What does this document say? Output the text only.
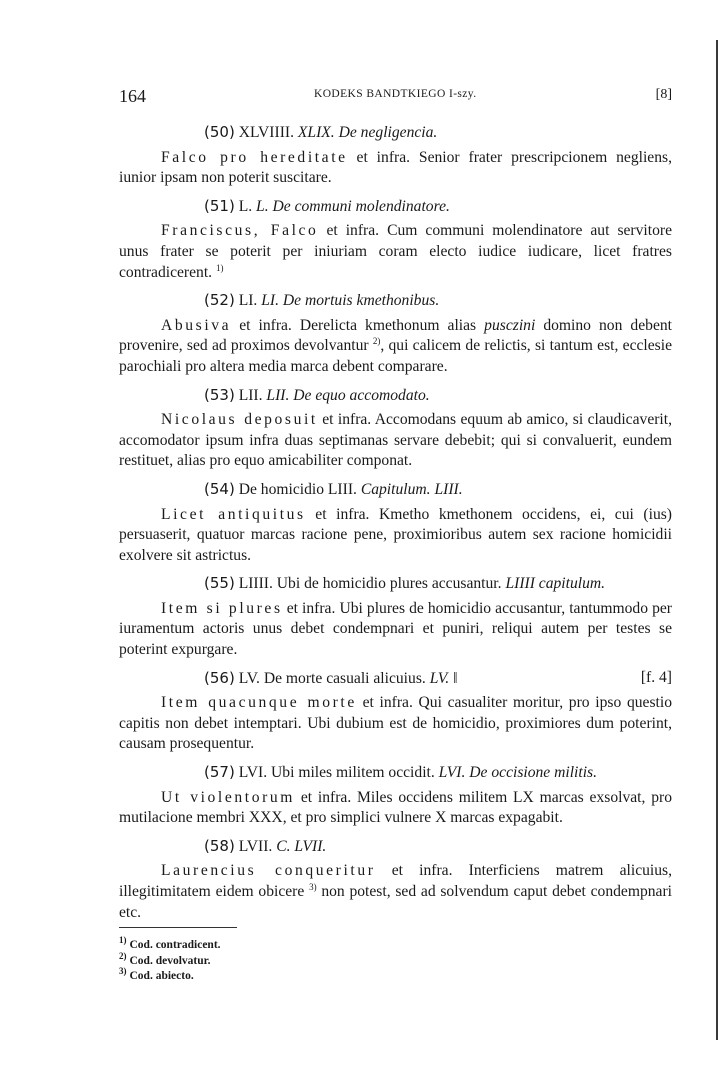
164	KODEKS BANDTKIEGO I-szy.	[8]

(50) XLVIIII. XLIX. De negligencia.

Falco pro hereditate et infra. Senior frater prescripcionem negliens, iunior ipsam non poterit suscitare.

(51) L. L. De communi molendinatore.

Franciscus, Falco et infra. Cum communi molendinatore aut servitore unus frater se poterit per iniuriam coram electo iudice iudicare, licet fratres contradicerent. $^{1)}$

(52) LI. LI. De mortuis kmethonibus.

Abusiva et infra. Derelicta kmethonum alias pusczini domino non debent provenire, sed ad proximos devolvantur $^{2)}$, qui calicem de relictis, si tantum est, ecclesie parochiali pro altera media marca debent comparare.

(53) LII. LII. De equo accomodato.

Nicolaus deposuit et infra. Accomodans equum ab amico, si claudicaverit, accomodator ipsum infra duas septimanas servare debebit; qui si convaluerit, eundem restituet, alias pro equo amicabiliter componat.

(54) De homicidio LIII. Capitulum. LIII.

Licet antiquitus et infra. Kmetho kmethonem occidens, ei, cui (ius) persuaserit, quatuor marcas racione pene, proximioribus autem sex racione homicidii exolvere sit astrictus.

(55) LIIII. Ubi de homicidio plures accusantur. LIIII capitulum.

Item si plures et infra. Ubi plures de homicidio accusantur, tantummodo per iuramentum actoris unus debet condempnari et puniri, reliqui autem per testes se poterint expurgare.

(56) LV. De morte casuali alicuius. LV. ‖	[f. 4]

Item quacunque morte et infra. Qui casualiter moritur, pro ipso questio capitis non debet intemptari. Ubi dubium est de homicidio, proximiores dum poterint, causam prosequentur.

(57) LVI. Ubi miles militem occidit. LVI. De occisione militis.

Ut violentorum et infra. Miles occidens militem LX marcas exsolvat, pro mutilacione membri XXX, et pro simplici vulnere X marcas expagabit.

(58) LVII. C. LVII.

Laurencius conqueritur et infra. Interficiens matrem alicuius, illegitimitatem eidem obicere $^{3)}$ non potest, sed ad solvendum caput debet condempnari etc.

$^{1)}$ Cod. contradicent.
$^{2)}$ Cod. devolvatur.
$^{3)}$ Cod. abiecto.
